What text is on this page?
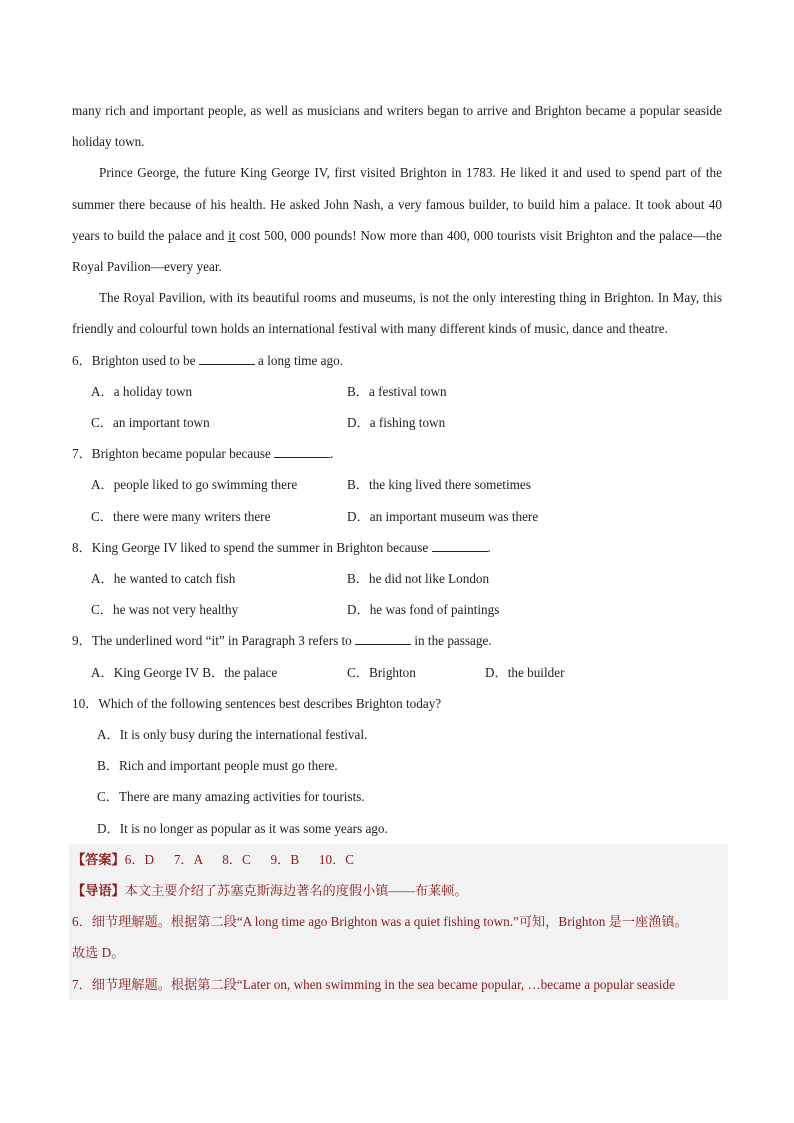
many rich and important people, as well as musicians and writers began to arrive and Brighton became a popular seaside holiday town.

Prince George, the future King George IV, first visited Brighton in 1783. He liked it and used to spend part of the summer there because of his health. He asked John Nash, a very famous builder, to build him a palace. It took about 40 years to build the palace and it cost 500, 000 pounds! Now more than 400, 000 tourists visit Brighton and the palace—the Royal Pavilion—every year.

The Royal Pavilion, with its beautiful rooms and museums, is not the only interesting thing in Brighton. In May, this friendly and colourful town holds an international festival with many different kinds of music, dance and theatre.

6．Brighton used to be	a long time ago.

A．a holiday town	B．a festival town
C．an important town	D．a fishing town

7．Brighton became popular because	.

A．people liked to go swimming there	B．the king lived there sometimes
C．there were many writers there	D．an important museum was there

8．King George IV liked to spend the summer in Brighton because	.

A．he wanted to catch fish	B．he did not like London
C．he was not very healthy	D．he was fond of paintings

9．The underlined word “it” in Paragraph 3 refers to	in the passage.

A．King George IV B．the palace	C．Brighton	D．the builder

10．Which of the following sentences best describes Brighton today?

A．It is only busy during the international festival.

B．Rich and important people must go there.

C．There are many amazing activities for tourists.

D．It is no longer as popular as it was some years ago.

【答案】6．D      7．A      8．C      9．B      10．C

【导语】本文主要介绍了苏塞克斯海边著名的度假小镇——布莱顿。

6．细节理解题。根据第二段“A long time ago Brighton was a quiet fishing town.”可知，Brighton 是一座渔镇。

故选 D。

7．细节理解题。根据第二段“Later on, when swimming in the sea became popular, …became a popular seaside
